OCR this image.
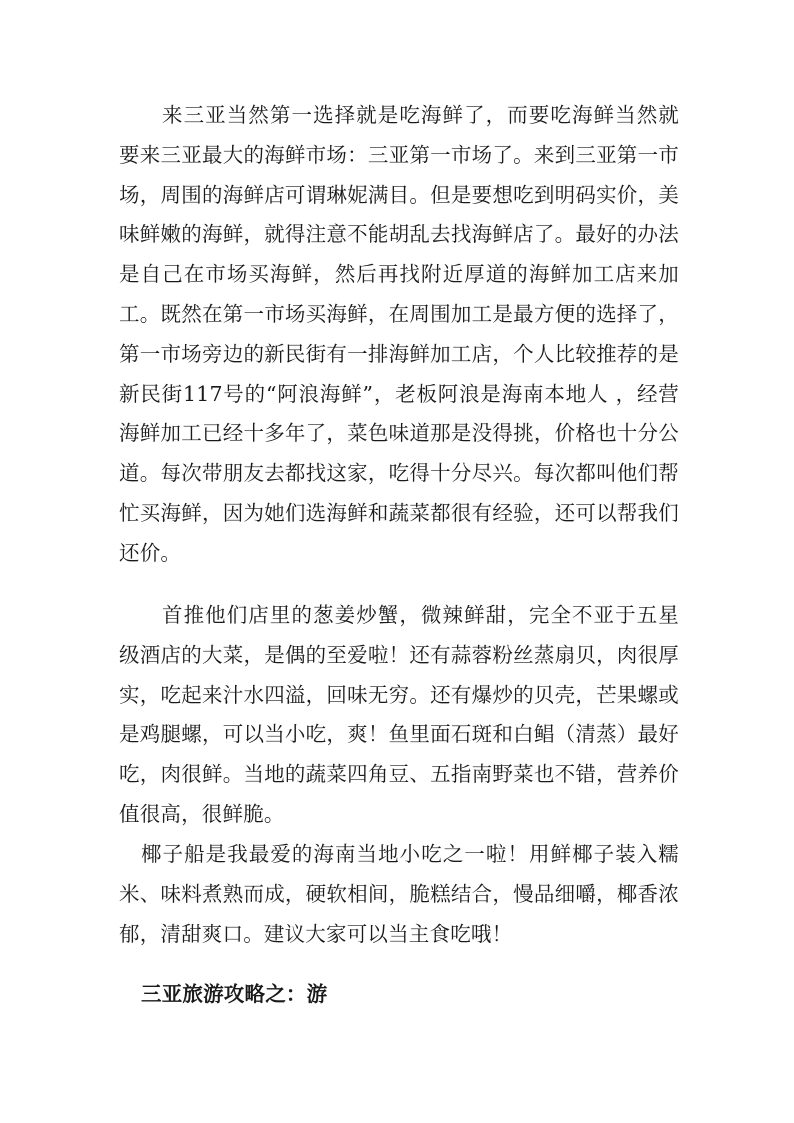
来三亚当然第一选择就是吃海鲜了，而要吃海鲜当然就要来三亚最大的海鲜市场：三亚第一市场了。来到三亚第一市场，周围的海鲜店可谓琳妮满目。但是要想吃到明码实价，美味鲜嫩的海鲜，就得注意不能胡乱去找海鲜店了。最好的办法是自己在市场买海鲜，然后再找附近厚道的海鲜加工店来加工。既然在第一市场买海鲜，在周围加工是最方便的选择了，第一市场旁边的新民街有一排海鲜加工店，个人比较推荐的是新民街117号的“阿浪海鲜”，老板阿浪是海南本地人 ，经营海鲜加工已经十多年了，菜色味道那是没得挑，价格也十分公道。每次带朋友去都找这家，吃得十分尽兴。每次都叫他们帮忙买海鲜，因为她们选海鲜和蔬菜都很有经验，还可以帮我们还价。

首推他们店里的葱姜炒蟹，微辣鲜甜，完全不亚于五星级酒店的大菜，是偶的至爱啦！还有蒜蓉粉丝蒸扇贝，肉很厚实，吃起来汁水四溢，回味无穷。还有爆炒的贝壳，芒果螺或是鸡腿螺，可以当小吃，爽！鱼里面石斑和白鲳（清蒸）最好吃，肉很鲜。当地的蔬菜四角豆、五指南野菜也不错，营养价值很高，很鲜脆。

椰子船是我最爱的海南当地小吃之一啦！用鲜椰子装入糯米、味料煮熟而成，硬软相间，脆糕结合，慢品细嚼，椰香浓郁，清甜爽口。建议大家可以当主食吃哦！

三亚旅游攻略之：游
